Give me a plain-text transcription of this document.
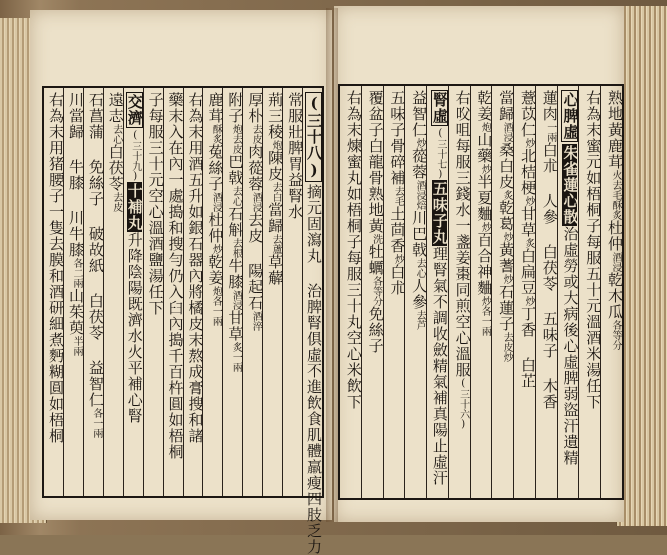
(三十八)摘元固瀉丸 治脾腎俱虛不進飲食肌體羸瘦四肢乏力
常服壯脾胃益腎水
荊三稜炮陳皮去白當歸去蘆草薢
厚朴去皮肉蓯蓉酒浸去皮 陽起石酒淬
附子炮去皮巴戟去心石斛去根牛膝酒浸甘草炙一兩
鹿茸酥炙菟絲子酒浸杜仲炒乾姜炮各一兩
右為末用酒五升如銀石器內將橘皮末熬成膏搜和諸
藥末入在內一處搗和搜勻仍入臼內搗千百杵圓如梧桐
子每服三十元空心溫酒鹽湯任下
交濟(三十九)十補丸升降陰陽既濟水火平補心腎
遠志去心白茯苓去皮
石菖蒲 免絲子 破故紙 白茯苓 益智仁各一兩
川當歸 牛膝 川牛膝各二兩山茱萸半兩
右為末用猪腰子一隻去膜和酒研細煮麪糊圓如梧桐	熟地黃鹿茸火去毛酥炙杜仲酒浸乾木瓜各等分
右為末蜜元如梧桐子每服五十元溫酒米湯任下
心脾虛朱雀蓮心散治虛勞或大病後心虛脾弱盜汗遺精
蓮肉一兩白朮 人參 白茯苓 五味子 木香
薏苡仁炒北桔梗炒甘草炙白扁豆炒丁香 白芷
當歸酒浸桑白皮炙乾葛炒黃蓍炒石蓮子去皮炒
乾姜炮山藥炒半夏麯炒百合神麯炒各一兩
右㕮咀每服三錢水一盞姜棗同煎空心溫服(三十六)
腎虛(三十七)五味子丸理腎氣不調收斂精氣補真陽止虛汗
益智仁炒蓯蓉酒浸焙川巴戟去心人參去芦
五味子骨碎補去毛土茴香炒白朮
覆盆子白龍骨熟地黃洗牡蠣各等分免絲子
右為末煉蜜丸如梧桐子每服三十丸空心米飲下
